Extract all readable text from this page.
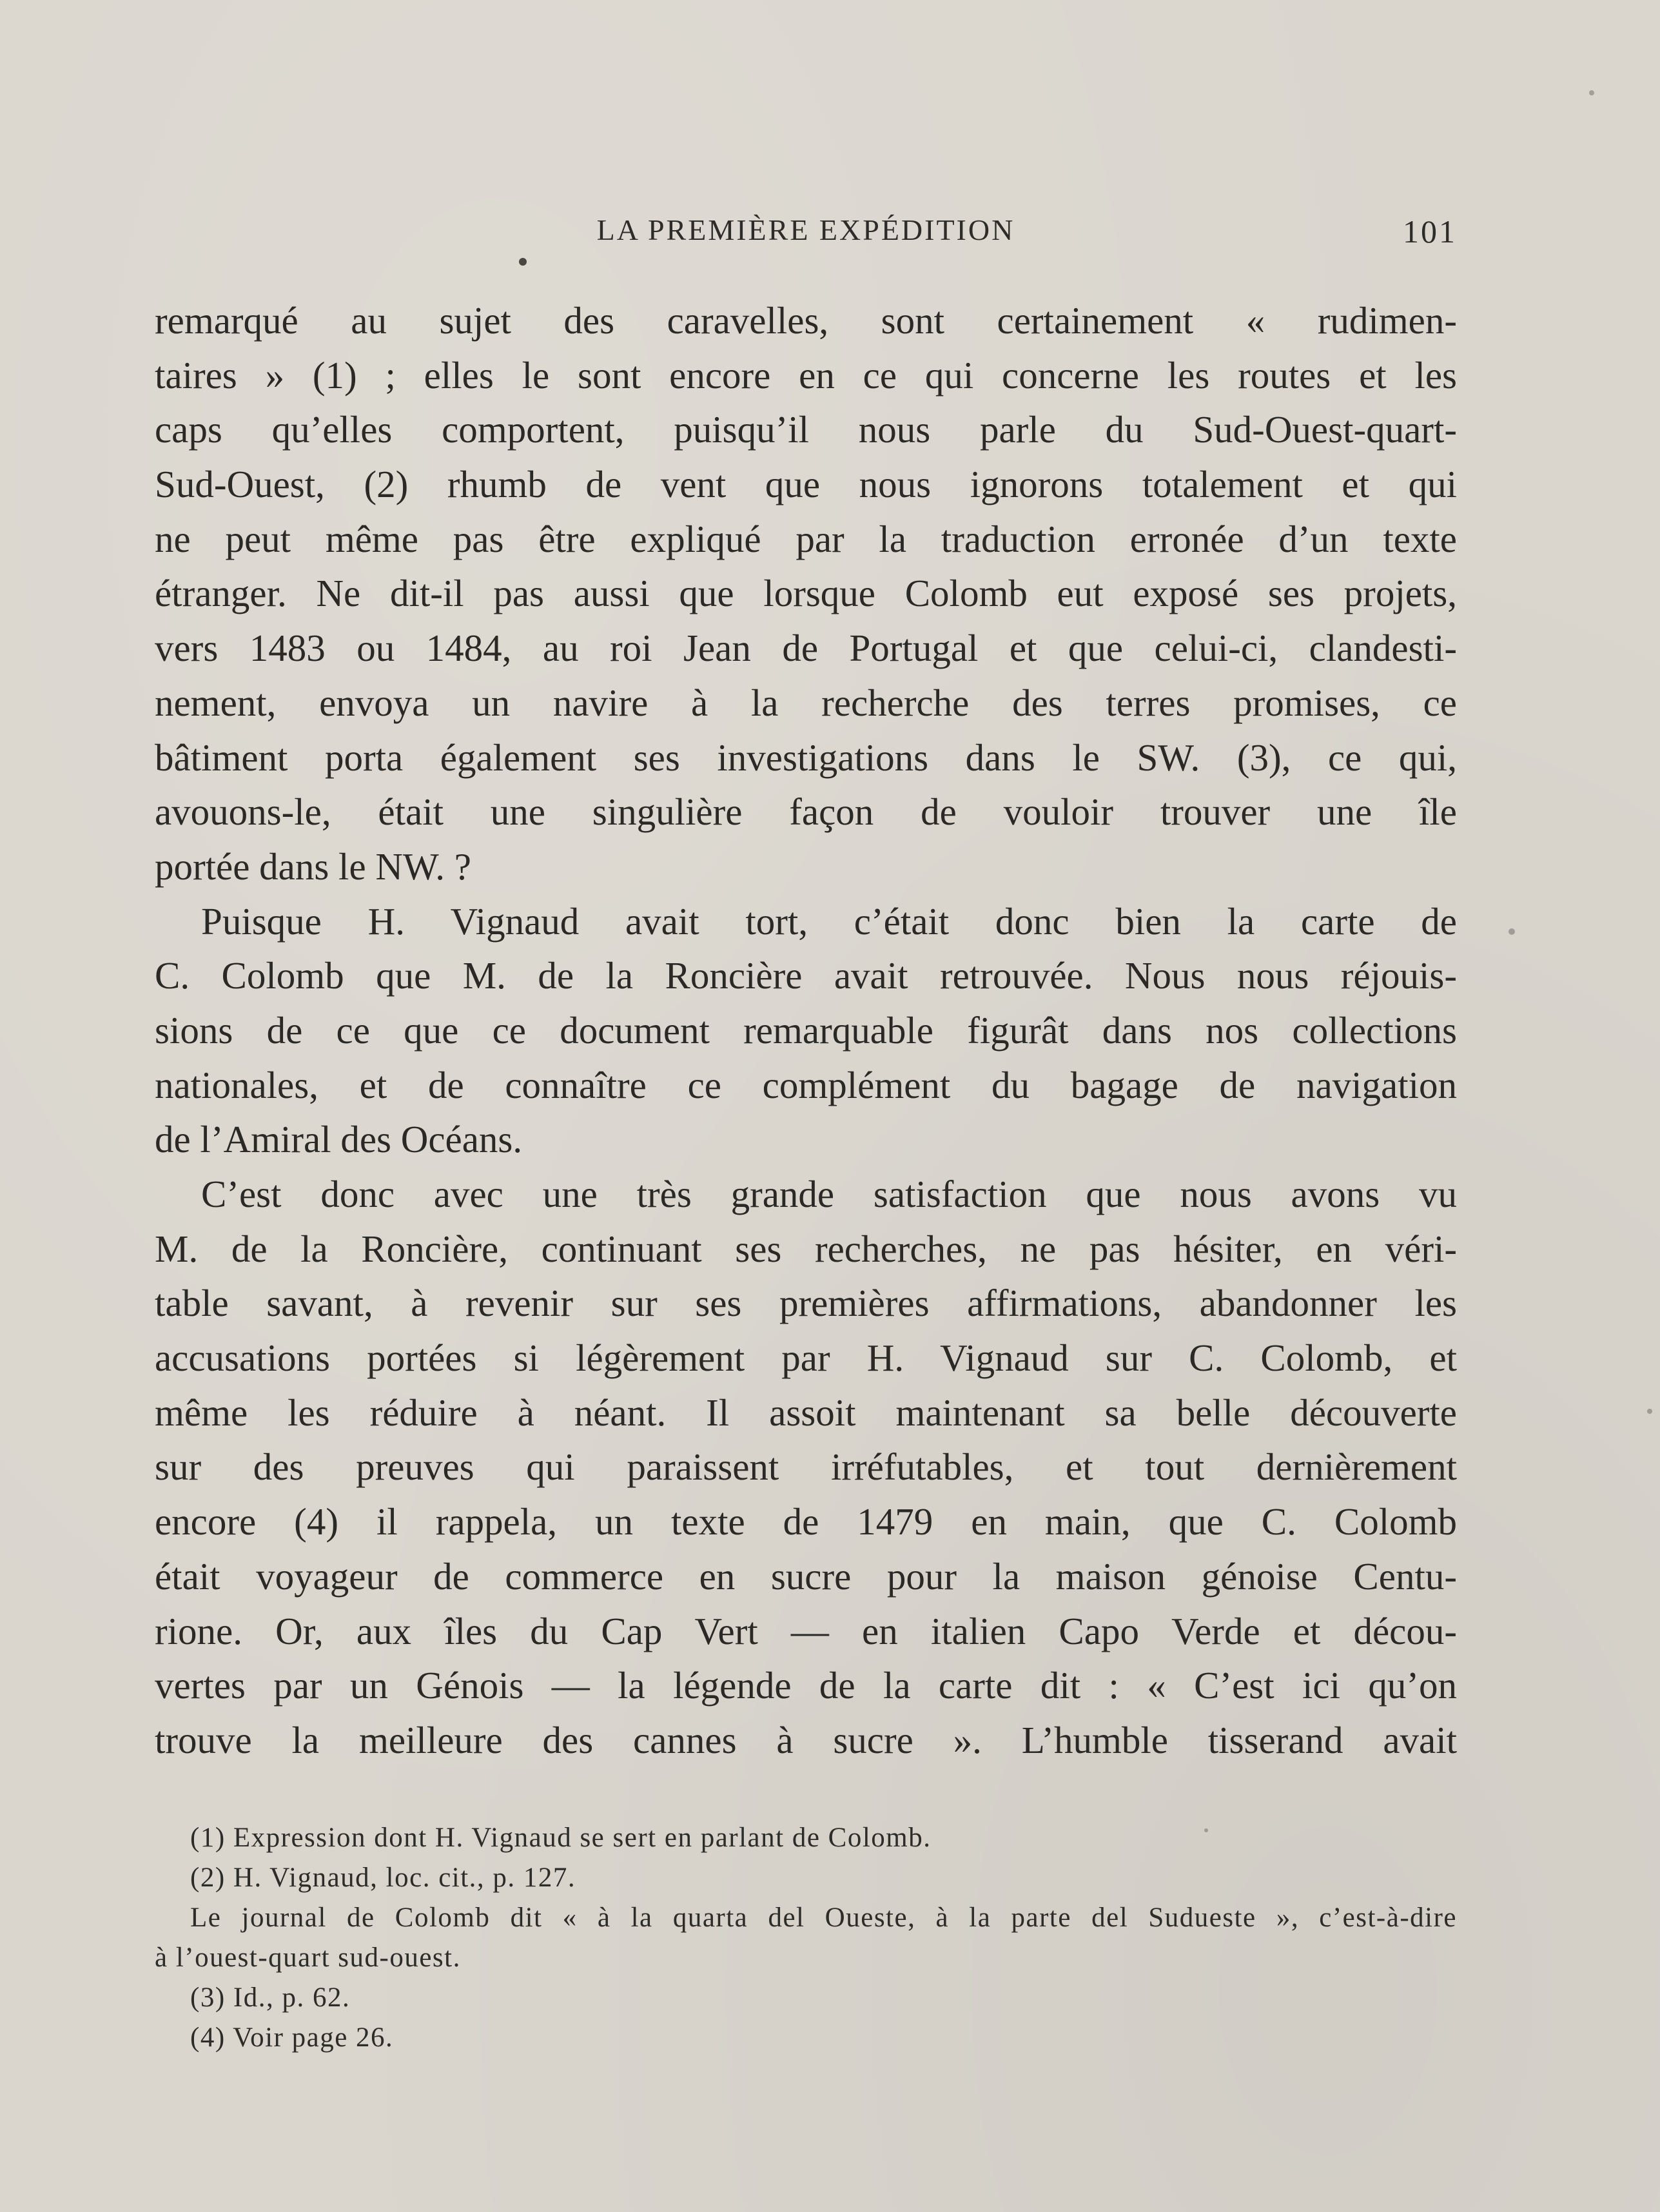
LA PREMIÈRE EXPÉDITION	101
remarqué au sujet des caravelles, sont certainement « rudimen-
taires » (1) ; elles le sont encore en ce qui concerne les routes et les
caps qu’elles comportent, puisqu’il nous parle du Sud-Ouest-quart-
Sud-Ouest, (2) rhumb de vent que nous ignorons totalement et qui
ne peut même pas être expliqué par la traduction erronée d’un texte
étranger. Ne dit-il pas aussi que lorsque Colomb eut exposé ses projets,
vers 1483 ou 1484, au roi Jean de Portugal et que celui-ci, clandesti-
nement, envoya un navire à la recherche des terres promises, ce
bâtiment porta également ses investigations dans le SW. (3), ce qui,
avouons-le, était une singulière façon de vouloir trouver une île
portée dans le NW. ?
Puisque H. Vignaud avait tort, c’était donc bien la carte de
C. Colomb que M. de la Roncière avait retrouvée. Nous nous réjouis-
sions de ce que ce document remarquable figurât dans nos collections
nationales, et de connaître ce complément du bagage de navigation
de l’Amiral des Océans.
C’est donc avec une très grande satisfaction que nous avons vu
M. de la Roncière, continuant ses recherches, ne pas hésiter, en véri-
table savant, à revenir sur ses premières affirmations, abandonner les
accusations portées si légèrement par H. Vignaud sur C. Colomb, et
même les réduire à néant. Il assoit maintenant sa belle découverte
sur des preuves qui paraissent irréfutables, et tout dernièrement
encore (4) il rappela, un texte de 1479 en main, que C. Colomb
était voyageur de commerce en sucre pour la maison génoise Centu-
rione. Or, aux îles du Cap Vert — en italien Capo Verde et décou-
vertes par un Génois — la légende de la carte dit : « C’est ici qu’on
trouve la meilleure des cannes à sucre ». L’humble tisserand avait
(1) Expression dont H. Vignaud se sert en parlant de Colomb.
(2) H. Vignaud, loc. cit., p. 127.
Le journal de Colomb dit « à la quarta del Oueste, à la parte del Sudueste », c’est-à-dire
à l’ouest-quart sud-ouest.
(3) Id., p. 62.
(4) Voir page 26.
